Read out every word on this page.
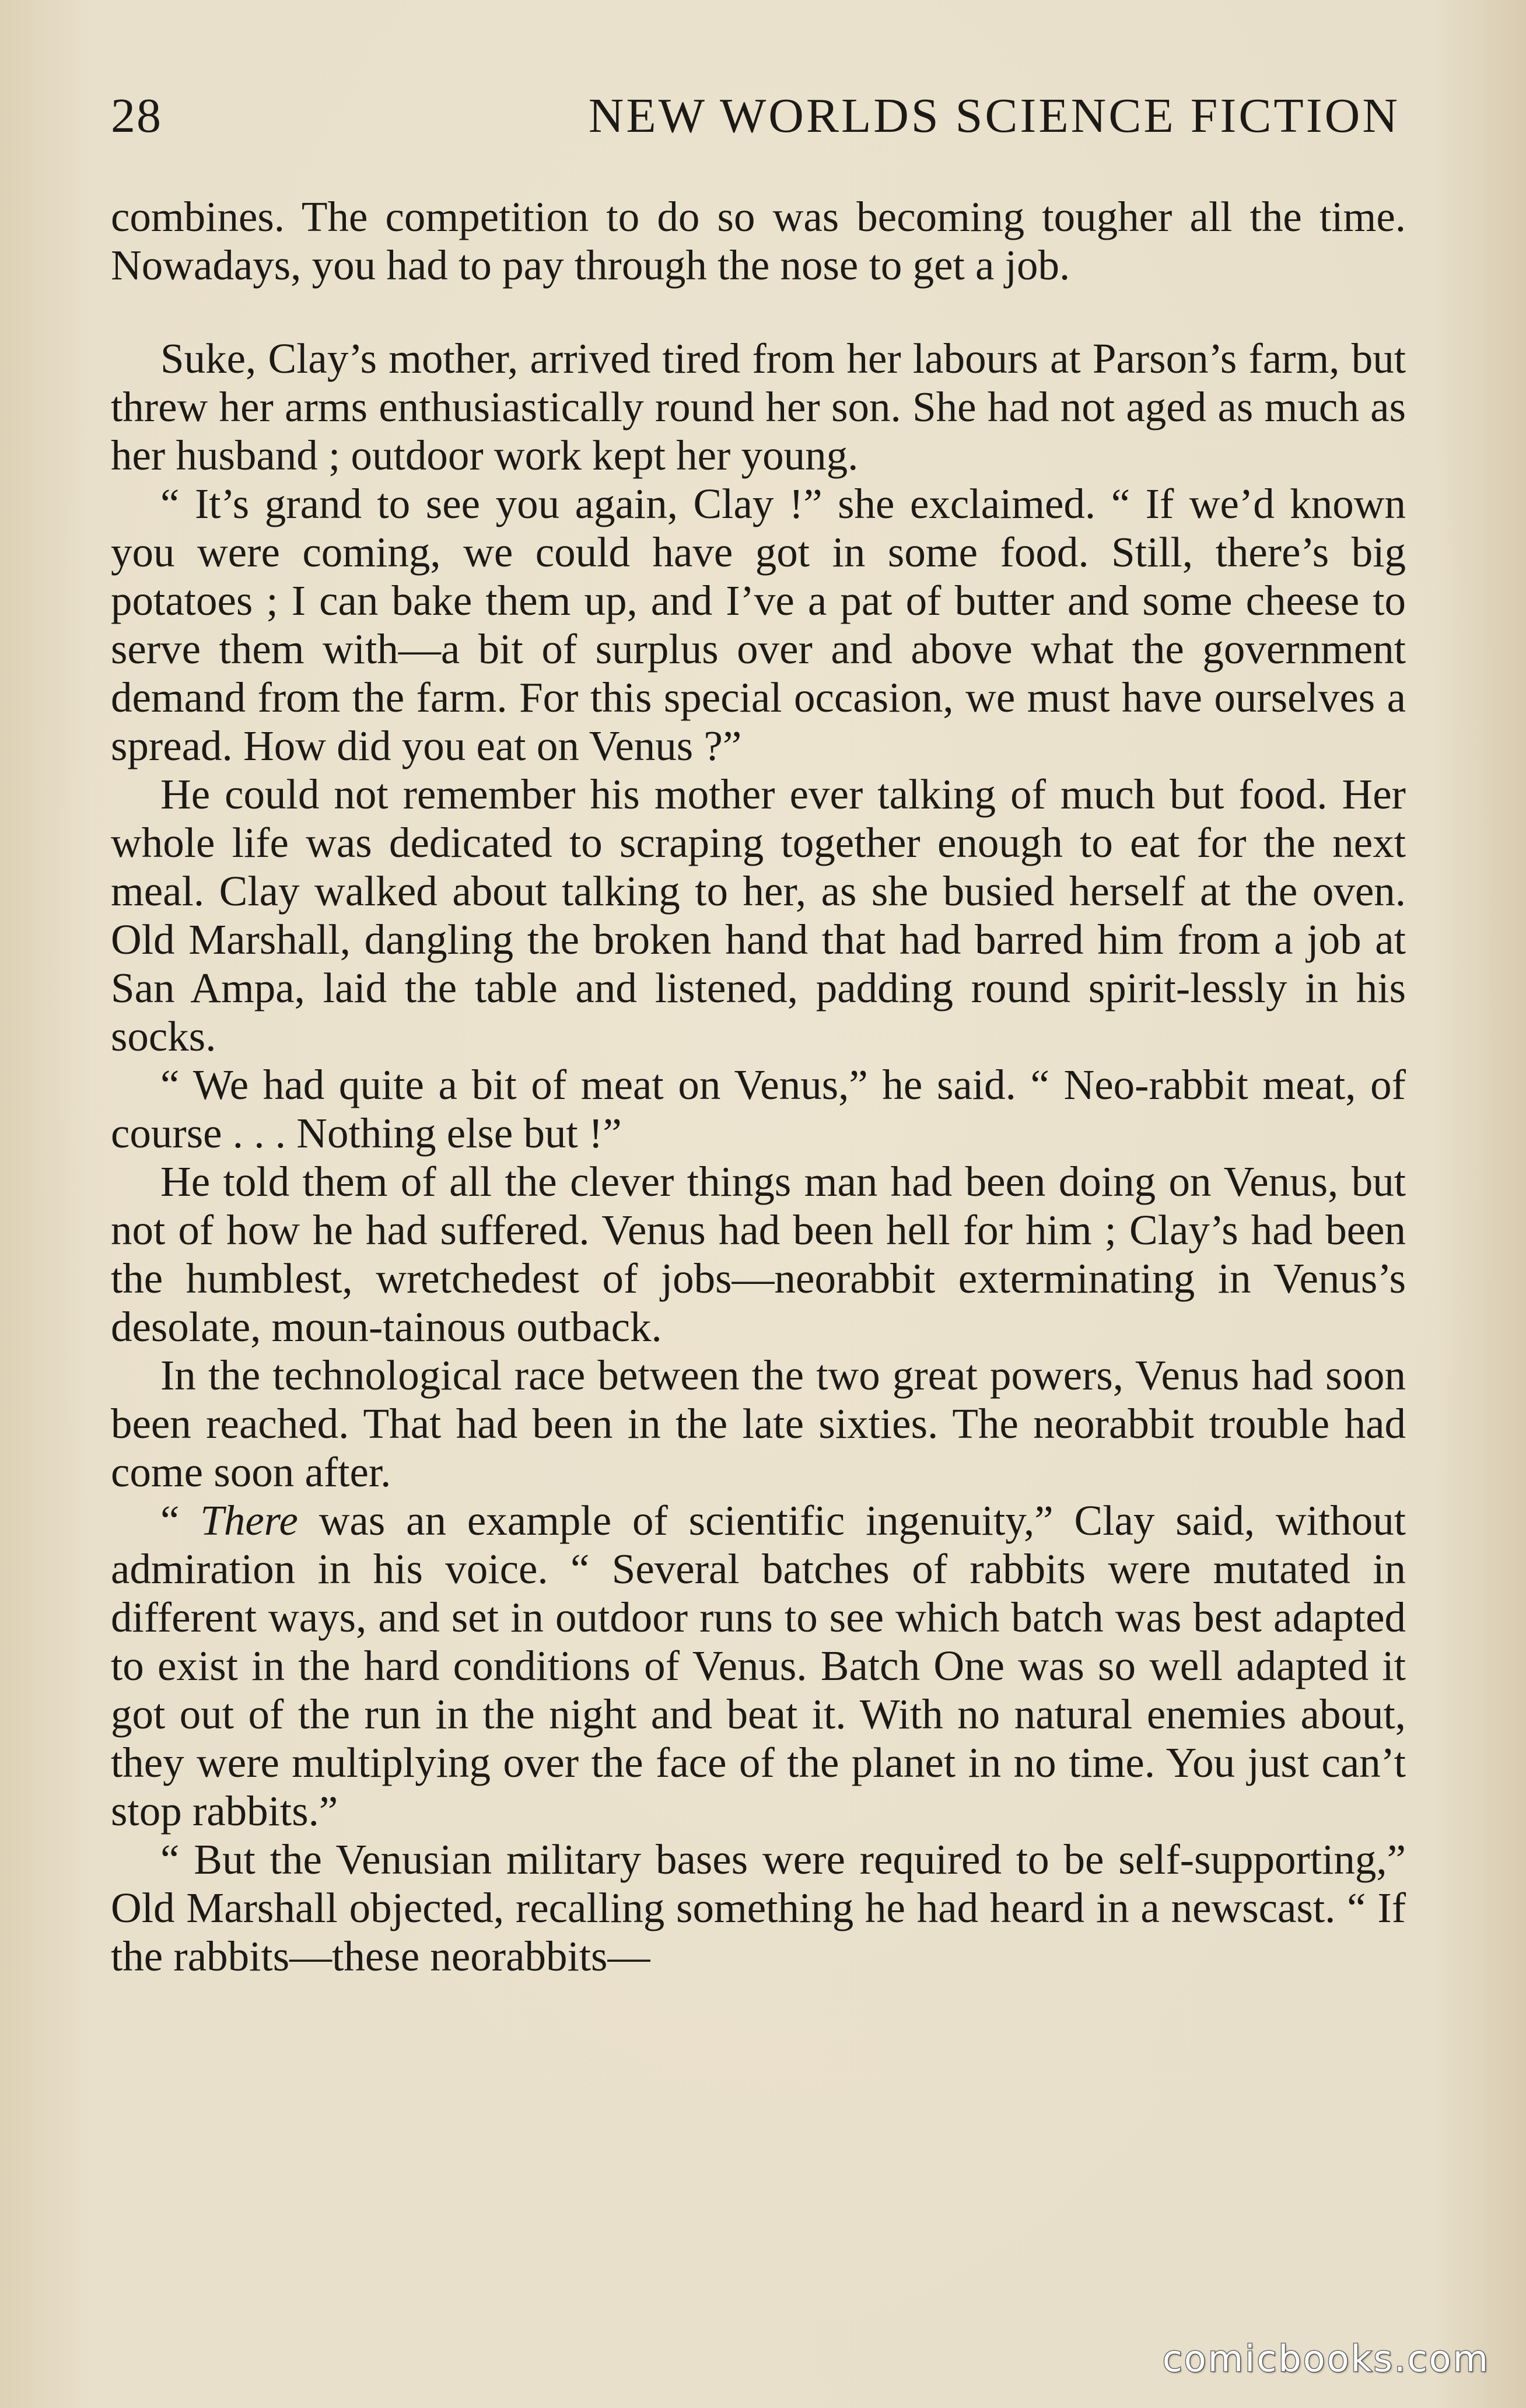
28	NEW WORLDS SCIENCE FICTION

combines. The competition to do so was becoming tougher all the time. Nowadays, you had to pay through the nose to get a job.

Suke, Clay’s mother, arrived tired from her labours at Parson’s farm, but threw her arms enthusiastically round her son. She had not aged as much as her husband ; outdoor work kept her young.

“ It’s grand to see you again, Clay !” she exclaimed. “ If we’d known you were coming, we could have got in some food. Still, there’s big potatoes ; I can bake them up, and I’ve a pat of butter and some cheese to serve them with—a bit of surplus over and above what the government demand from the farm. For this special occasion, we must have ourselves a spread. How did you eat on Venus ?”

He could not remember his mother ever talking of much but food. Her whole life was dedicated to scraping together enough to eat for the next meal. Clay walked about talking to her, as she busied herself at the oven. Old Marshall, dangling the broken hand that had barred him from a job at San Ampa, laid the table and listened, padding round spirit-lessly in his socks.

“ We had quite a bit of meat on Venus,” he said. “ Neo-rabbit meat, of course . . . Nothing else but !”

He told them of all the clever things man had been doing on Venus, but not of how he had suffered. Venus had been hell for him ; Clay’s had been the humblest, wretchedest of jobs—neorabbit exterminating in Venus’s desolate, moun-tainous outback.

In the technological race between the two great powers, Venus had soon been reached. That had been in the late sixties. The neorabbit trouble had come soon after.

“ There was an example of scientific ingenuity,” Clay said, without admiration in his voice. “ Several batches of rabbits were mutated in different ways, and set in outdoor runs to see which batch was best adapted to exist in the hard conditions of Venus. Batch One was so well adapted it got out of the run in the night and beat it. With no natural enemies about, they were multiplying over the face of the planet in no time. You just can’t stop rabbits.”

“ But the Venusian military bases were required to be self-supporting,” Old Marshall objected, recalling something he had heard in a newscast. “ If the rabbits—these neorabbits—

comicbooks.com
